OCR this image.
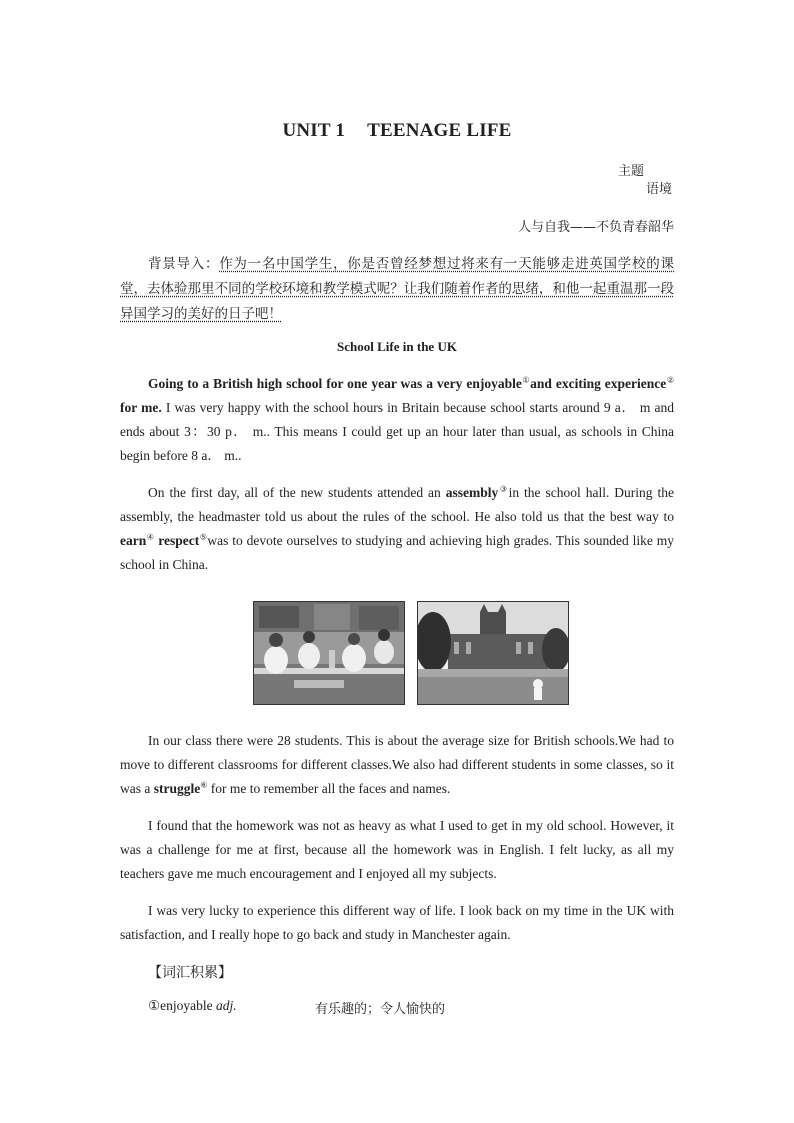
UNIT 1 TEENAGE LIFE
主题
语境
人与自我——不负青春韶华
背景导入：作为一名中国学生，你是否曾经梦想过将来有一天能够走进英国学校的课堂，去体验那里不同的学校环境和教学模式呢？让我们随着作者的思绪，和他一起重温那一段异国学习的美好的日子吧！
School Life in the UK
Going to a British high school for one year was a very enjoyable①and exciting experience② for me. I was very happy with the school hours in Britain because school starts around 9 a． m and ends about 3：30 p． m.. This means I could get up an hour later than usual, as schools in China begin before 8 a． m..
On the first day, all of the new students attended an assembly③in the school hall. During the assembly, the headmaster told us about the rules of the school. He also told us that the best way to earn④ respect⑤was to devote ourselves to studying and achieving high grades. This sounded like my school in China.
In our class there were 28 students. This is about the average size for British schools.We had to move to different classrooms for different classes.We also had different students in some classes, so it was a struggle⑥ for me to remember all the faces and names.
I found that the homework was not as heavy as what I used to get in my old school. However, it was a challenge for me at first, because all the homework was in English. I felt lucky, as all my teachers gave me much encouragement and I enjoyed all my subjects.
I was very lucky to experience this different way of life. I look back on my time in the UK with satisfaction, and I really hope to go back and study in Manchester again.
【词汇积累】
①enjoyable adj.	有乐趣的；令人愉快的
